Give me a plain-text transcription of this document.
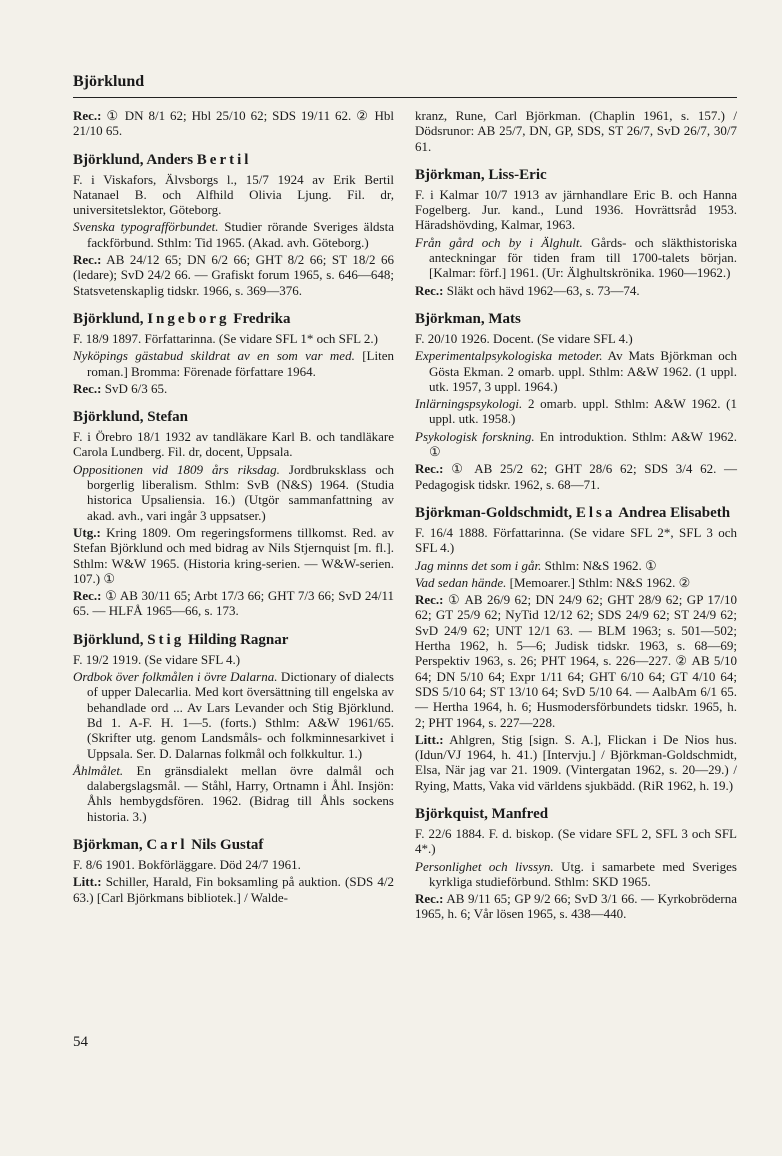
Björklund
Rec.: ① DN 8/1 62; Hbl 25/10 62; SDS 19/11 62. ② Hbl 21/10 65.
Björklund, Anders Bertil
F. i Viskafors, Älvsborgs l., 15/7 1924 av Erik Bertil Natanael B. och Alfhild Olivia Ljung. Fil. dr, universitetslektor, Göteborg.
Svenska typografförbundet. Studier rörande Sveriges äldsta fackförbund. Sthlm: Tid 1965. (Akad. avh. Göteborg.)
Rec.: AB 24/12 65; DN 6/2 66; GHT 8/2 66; ST 18/2 66 (ledare); SvD 24/2 66. — Grafiskt forum 1965, s. 646—648; Statsvetenskaplig tidskr. 1966, s. 369—376.
Björklund, Ingeborg Fredrika
F. 18/9 1897. Författarinna. (Se vidare SFL 1* och SFL 2.)
Nyköpings gästabud skildrat av en som var med. [Liten roman.] Bromma: Förenade författare 1964.
Rec.: SvD 6/3 65.
Björklund, Stefan
F. i Örebro 18/1 1932 av tandläkare Karl B. och tandläkare Carola Lundberg. Fil. dr, docent, Uppsala.
Oppositionen vid 1809 års riksdag. Jordbruksklass och borgerlig liberalism. Sthlm: SvB (N&S) 1964. (Studia historica Upsaliensia. 16.) (Utgör sammanfattning av akad. avh., vari ingår 3 uppsatser.)
Utg.: Kring 1809. Om regeringsformens tillkomst. Red. av Stefan Björklund och med bidrag av Nils Stjernquist [m. fl.]. Sthlm: W&W 1965. (Historia kring-serien. — W&W-serien. 107.) ①
Rec.: ① AB 30/11 65; Arbt 17/3 66; GHT 7/3 66; SvD 24/11 65. — HLFÅ 1965—66, s. 173.
Björklund, Stig Hilding Ragnar
F. 19/2 1919. (Se vidare SFL 4.)
Ordbok över folkmålen i övre Dalarna. Dictionary of dialects of upper Dalecarlia. Med kort översättning till engelska av behandlade ord ... Av Lars Levander och Stig Björklund. Bd 1. A-F. H. 1—5. (forts.) Sthlm: A&W 1961/65. (Skrifter utg. genom Landsmåls- och folkminnesarkivet i Uppsala. Ser. D. Dalarnas folkmål och folkkultur. 1.)
Åhlmålet. En gränsdialekt mellan övre dalmål och dalabergslagsmål. — Ståhl, Harry, Ortnamn i Åhl. Insjön: Åhls hembygdsfören. 1962. (Bidrag till Åhls sockens historia. 3.)
Björkman, Carl Nils Gustaf
F. 8/6 1901. Bokförläggare. Död 24/7 1961.
Litt.: Schiller, Harald, Fin boksamling på auktion. (SDS 4/2 63.) [Carl Björkmans bibliotek.] / Walde-
kranz, Rune, Carl Björkman. (Chaplin 1961, s. 157.) / Dödsrunor: AB 25/7, DN, GP, SDS, ST 26/7, SvD 26/7, 30/7 61.
Björkman, Liss-Eric
F. i Kalmar 10/7 1913 av järnhandlare Eric B. och Hanna Fogelberg. Jur. kand., Lund 1936. Hovrättsråd 1953. Häradshövding, Kalmar, 1963.
Från gård och by i Älghult. Gårds- och släkthistoriska anteckningar för tiden fram till 1700-talets början. [Kalmar: förf.] 1961. (Ur: Älghultskrönika. 1960—1962.)
Rec.: Släkt och hävd 1962—63, s. 73—74.
Björkman, Mats
F. 20/10 1926. Docent. (Se vidare SFL 4.)
Experimentalpsykologiska metoder. Av Mats Björkman och Gösta Ekman. 2 omarb. uppl. Sthlm: A&W 1962. (1 uppl. utk. 1957, 3 uppl. 1964.)
Inlärningspsykologi. 2 omarb. uppl. Sthlm: A&W 1962. (1 uppl. utk. 1958.)
Psykologisk forskning. En introduktion. Sthlm: A&W 1962. ①
Rec.: ① AB 25/2 62; GHT 28/6 62; SDS 3/4 62. — Pedagogisk tidskr. 1962, s. 68—71.
Björkman-Goldschmidt, Elsa Andrea Elisabeth
F. 16/4 1888. Författarinna. (Se vidare SFL 2*, SFL 3 och SFL 4.)
Jag minns det som i går. Sthlm: N&S 1962. ①
Vad sedan hände. [Memoarer.] Sthlm: N&S 1962. ②
Rec.: ① AB 26/9 62; DN 24/9 62; GHT 28/9 62; GP 17/10 62; GT 25/9 62; NyTid 12/12 62; SDS 24/9 62; ST 24/9 62; SvD 24/9 62; UNT 12/1 63. — BLM 1963; s. 501—502; Hertha 1962, h. 5—6; Judisk tidskr. 1963, s. 68—69; Perspektiv 1963, s. 26; PHT 1964, s. 226—227. ② AB 5/10 64; DN 5/10 64; Expr 1/11 64; GHT 6/10 64; GT 4/10 64; SDS 5/10 64; ST 13/10 64; SvD 5/10 64. — AalbAm 6/1 65. — Hertha 1964, h. 6; Husmodersförbundets tidskr. 1965, h. 2; PHT 1964, s. 227—228.
Litt.: Ahlgren, Stig [sign. S. A.], Flickan i De Nios hus. (Idun/VJ 1964, h. 41.) [Intervju.] / Björkman-Goldschmidt, Elsa, När jag var 21. 1909. (Vintergatan 1962, s. 20—29.) / Rying, Matts, Vaka vid världens sjukbädd. (RiR 1962, h. 19.)
Björkquist, Manfred
F. 22/6 1884. F. d. biskop. (Se vidare SFL 2, SFL 3 och SFL 4*.)
Personlighet och livssyn. Utg. i samarbete med Sveriges kyrkliga studieförbund. Sthlm: SKD 1965.
Rec.: AB 9/11 65; GP 9/2 66; SvD 3/1 66. — Kyrkobröderna 1965, h. 6; Vår lösen 1965, s. 438—440.
54
